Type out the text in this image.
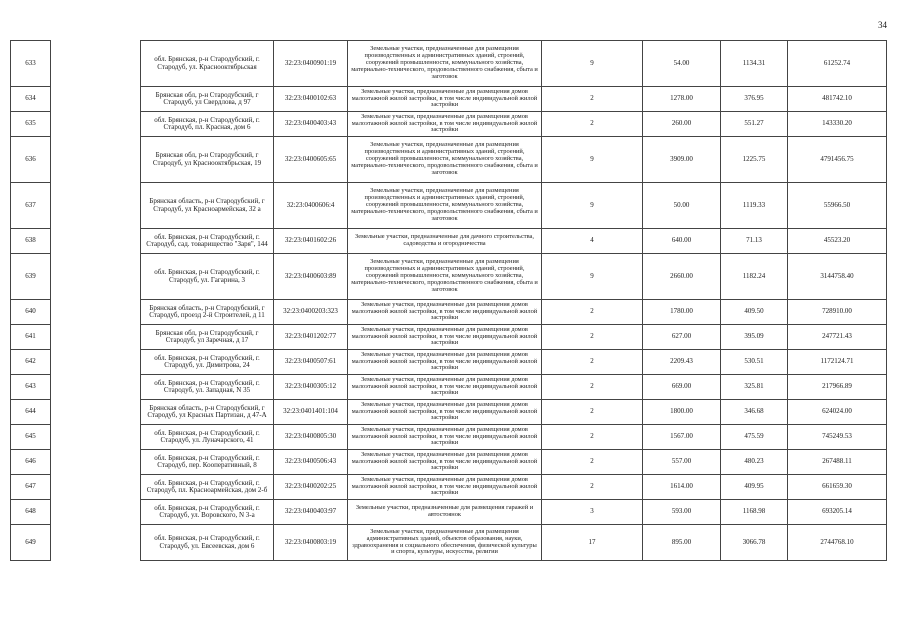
34
633		обл. Брянская, р-н Стародубский, г. Стародуб, ул. Краснооктябрьская	32:23:0400901:19	Земельные участки, предназначенные для размещения производственных и административных зданий, строений, сооружений промышленности, коммунального хозяйства, материально-технического, продовольственного снабжения, сбыта и заготовок	9	54.00	1134.31	61252.74
634		Брянская обл, р-н Стародубский, г Стародуб, ул Свердлова, д 97	32:23:0400102:63	Земельные участки, предназначенные для размещения домов малоэтажной жилой застройки, в том числе индивидуальной жилой застройки	2	1278.00	376.95	481742.10
635		обл. Брянская, р-н Стародубский, г. Стародуб, пл. Красная, дом 6	32:23:0400403:43	Земельные участки, предназначенные для размещения домов малоэтажной жилой застройки, в том числе индивидуальной жилой застройки	2	260.00	551.27	143330.20
636		Брянская обл, р-н Стародубский, г Стародуб, ул Краснооктябрьская, 19	32:23:0400605:65	Земельные участки, предназначенные для размещения производственных и административных зданий, строений, сооружений промышленности, коммунального хозяйства, материально-технического, продовольственного снабжения, сбыта и заготовок	9	3909.00	1225.75	4791456.75
637		Брянская область, р-н Стародубский, г Стародуб, ул Красноармейская, 32 а	32:23:0400606:4	Земельные участки, предназначенные для размещения производственных и административных зданий, строений, сооружений промышленности, коммунального хозяйства, материально-технического, продовольственного снабжения, сбыта и заготовок	9	50.00	1119.33	55966.50
638		обл. Брянская, р-н Стародубский, г. Стародуб, сад. товарищество "Заря", 144	32:23:0401602:26	Земельные участки, предназначенные для дачного строительства, садоводства и огородничества	4	640.00	71.13	45523.20
639		обл. Брянская, р-н Стародубский, г. Стародуб, ул. Гагарина, 3	32:23:0400603:89	Земельные участки, предназначенные для размещения производственных и административных зданий, строений, сооружений промышленности, коммунального хозяйства, материально-технического, продовольственного снабжения, сбыта и заготовок	9	2660.00	1182.24	3144758.40
640		Брянская область, р-н Стародубский, г Стародуб, проезд 2-й Строителей, д 11	32:23:0400203:323	Земельные участки, предназначенные для размещения домов малоэтажной жилой застройки, в том числе индивидуальной жилой застройки	2	1780.00	409.50	728910.00
641		Брянская обл, р-н Стародубский, г Стародуб, ул Заречная, д 17	32:23:0401202:77	Земельные участки, предназначенные для размещения домов малоэтажной жилой застройки, в том числе индивидуальной жилой застройки	2	627.00	395.09	247721.43
642		обл. Брянская, р-н Стародубский, г. Стародуб, ул. Димитрова, 24	32:23:0400507:61	Земельные участки, предназначенные для размещения домов малоэтажной жилой застройки, в том числе индивидуальной жилой застройки	2	2209.43	530.51	1172124.71
643		обл. Брянская, р-н Стародубский, г. Стародуб, ул. Западная, N 35	32:23:0400305:12	Земельные участки, предназначенные для размещения домов малоэтажной жилой застройки, в том числе индивидуальной жилой застройки	2	669.00	325.81	217966.89
644		Брянская область, р-н Стародубский, г Стародуб, ул Красных Партизан, д 47-А	32:23:0401401:104	Земельные участки, предназначенные для размещения домов малоэтажной жилой застройки, в том числе индивидуальной жилой застройки	2	1800.00	346.68	624024.00
645		обл. Брянская, р-н Стародубский, г. Стародуб, ул. Луначарского, 41	32:23:0400805:30	Земельные участки, предназначенные для размещения домов малоэтажной жилой застройки, в том числе индивидуальной жилой застройки	2	1567.00	475.59	745249.53
646		обл. Брянская, р-н Стародубский, г. Стародуб, пер. Кооперативный, 8	32:23:0400506:43	Земельные участки, предназначенные для размещения домов малоэтажной жилой застройки, в том числе индивидуальной жилой застройки	2	557.00	480.23	267488.11
647		обл. Брянская, р-н Стародубский, г. Стародуб, пл. Красноармейская, дом 2-б	32:23:0400202:25	Земельные участки, предназначенные для размещения домов малоэтажной жилой застройки, в том числе индивидуальной жилой застройки	2	1614.00	409.95	661659.30
648		обл. Брянская, р-н Стародубский, г. Стародуб, ул. Воровского, N 3-а	32:23:0400403:97	Земельные участки, предназначенные для размещения гаражей и автостоянок	3	593.00	1168.98	693205.14
649		обл. Брянская, р-н Стародубский, г. Стародуб, ул. Евсеевская, дом 6	32:23:0400803:19	Земельные участки, предназначенные для размещения административных зданий, объектов образования, науки, здравоохранения и социального обеспечения, физической культуры и спорта, культуры, искусства, религии	17	895.00	3066.78	2744768.10
